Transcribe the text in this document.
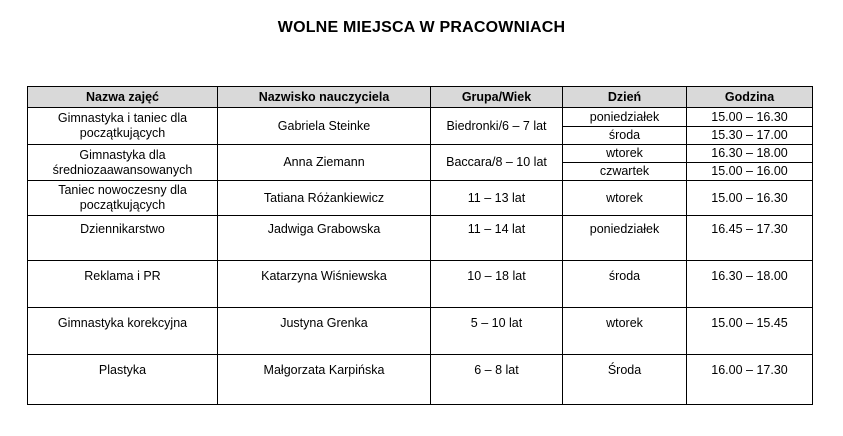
WOLNE MIEJSCA W PRACOWNIACH
Nazwa zajęć	Nazwisko nauczyciela	Grupa/Wiek	Dzień	Godzina
Gimnastyka i taniec dla początkujących	Gabriela Steinke	Biedronki/6 – 7 lat	poniedziałek	15.00 – 16.30
			środa	15.30 – 17.00
Gimnastyka dla średniozaawansowanych	Anna Ziemann	Baccara/8 – 10 lat	wtorek	16.30 – 18.00
			czwartek	15.00 – 16.00
Taniec nowoczesny dla początkujących	Tatiana Różankiewicz	11 – 13 lat	wtorek	15.00 – 16.30
Dziennikarstwo	Jadwiga Grabowska	11 – 14 lat	poniedziałek	16.45 – 17.30
Reklama i PR	Katarzyna Wiśniewska	10 – 18 lat	środa	16.30 – 18.00
Gimnastyka korekcyjna	Justyna Grenka	5 – 10 lat	wtorek	15.00 – 15.45
Plastyka	Małgorzata Karpińska	6 – 8 lat	Środa	16.00 – 17.30
